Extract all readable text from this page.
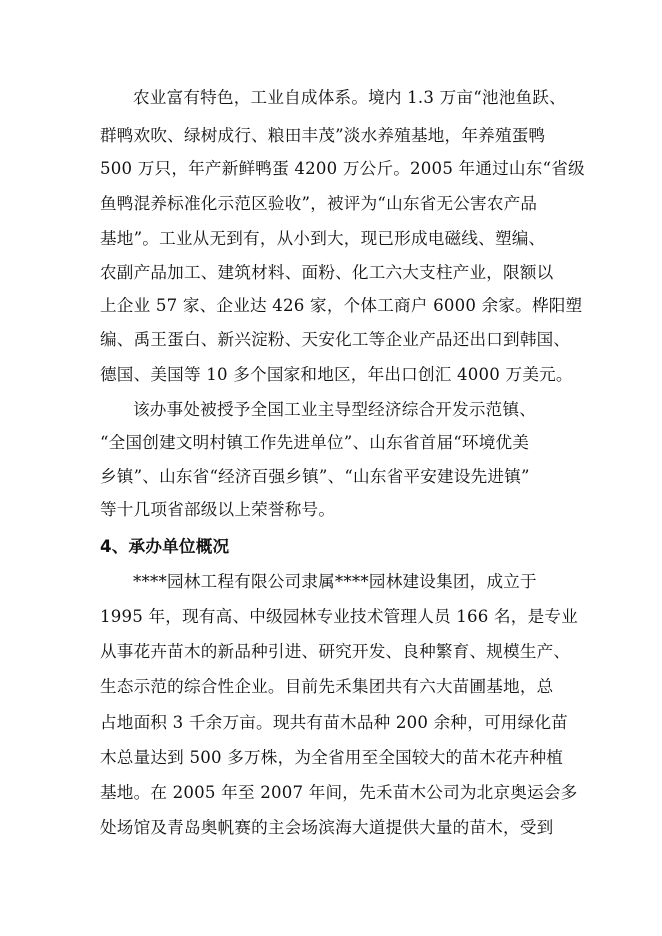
农业富有特色，工业自成体系。境内 1.3 万亩“池池鱼跃、
群鸭欢吹、绿树成行、粮田丰茂”淡水养殖基地，年养殖蛋鸭
500 万只，年产新鲜鸭蛋 4200 万公斤。2005 年通过山东“省级
鱼鸭混养标准化示范区验收”，被评为“山东省无公害农产品
基地”。工业从无到有，从小到大，现已形成电磁线、塑编、
农副产品加工、建筑材料、面粉、化工六大支柱产业，限额以
上企业 57 家、企业达 426 家，个体工商户 6000 余家。桦阳塑
编、禹王蛋白、新兴淀粉、天安化工等企业产品还出口到韩国、
德国、美国等 10 多个国家和地区，年出口创汇 4000 万美元。
该办事处被授予全国工业主导型经济综合开发示范镇、
“全国创建文明村镇工作先进单位”、山东省首届“环境优美
乡镇”、山东省“经济百强乡镇”、“山东省平安建设先进镇”
等十几项省部级以上荣誉称号。
4、承办单位概况
****园林工程有限公司隶属****园林建设集团，成立于
1995 年，现有高、中级园林专业技术管理人员 166 名，是专业
从事花卉苗木的新品种引进、研究开发、良种繁育、规模生产、
生态示范的综合性企业。目前先禾集团共有六大苗圃基地，总
占地面积 3 千余万亩。现共有苗木品种 200 余种，可用绿化苗
木总量达到 500 多万株，为全省用至全国较大的苗木花卉种植
基地。在 2005 年至 2007 年间，先禾苗木公司为北京奥运会多
处场馆及青岛奥帆赛的主会场滨海大道提供大量的苗木，受到
